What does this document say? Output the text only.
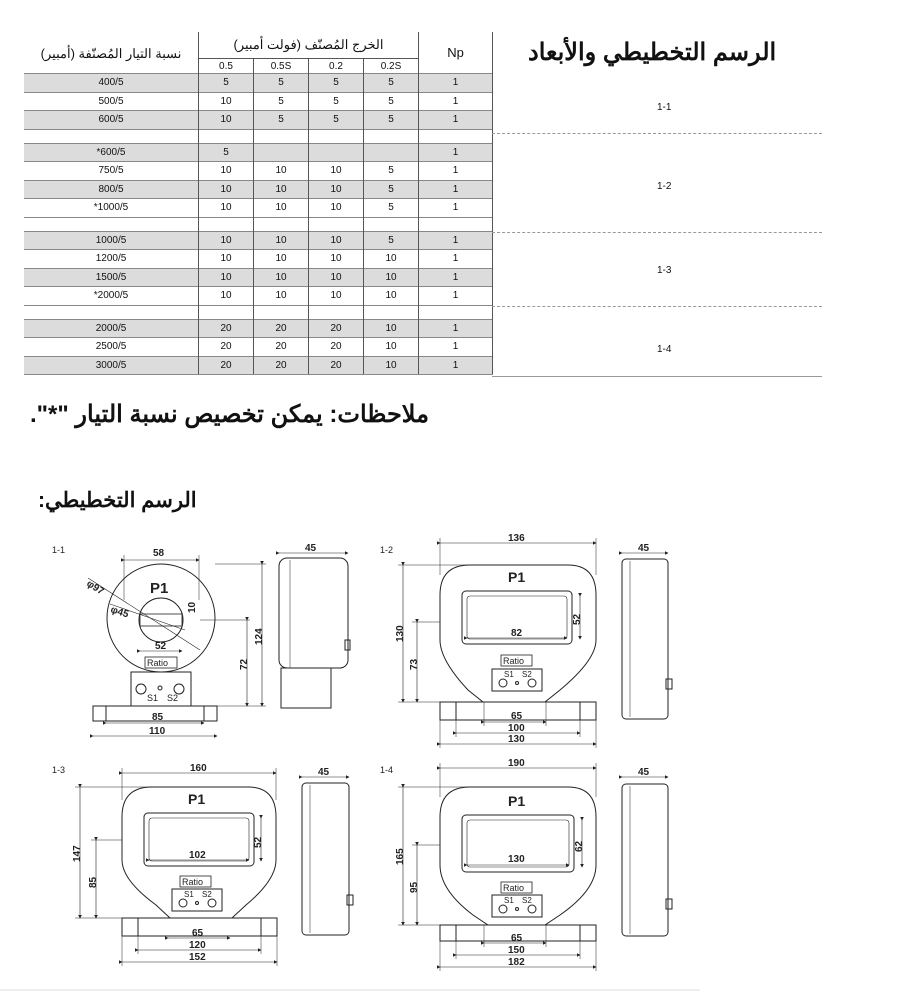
الرسم التخطيطي والأبعاد
نسبة التيار المُصنّفة (أمبير)	الخرج المُصنّف (فولت أمبير)				Np
	0.5	0.5S	0.2	0.2S	
400/5	5	5	5	5	1
500/5	10	5	5	5	1
600/5	10	5	5	5	1

*600/5	5				1
750/5	10	10	10	5	1
800/5	10	10	10	5	1
*1000/5	10	10	10	5	1

1000/5	10	10	10	5	1
1200/5	10	10	10	10	1
1500/5	10	10	10	10	1
*2000/5	10	10	10	10	1

2000/5	20	20	20	10	1
2500/5	20	20	20	10	1
3000/5	20	20	20	10	1
1-1
1-2
1-3
1-4
ملاحظات: يمكن تخصيص نسبة التيار "*".
الرسم التخطيطي:
1-1
P1
Ratio
S1 S2
58
φ97
φ45	10
52
124
72
85
110
45	1-2
P1
Ratio
S1 S2
136
82
52
130
73
65
100
130
45
1-3
P1
Ratio
S1 S2
160
102
52
147
85
65
120
152
45	1-4
P1
Ratio
S1 S2
190
130
62
165
95
65
150
182
45
